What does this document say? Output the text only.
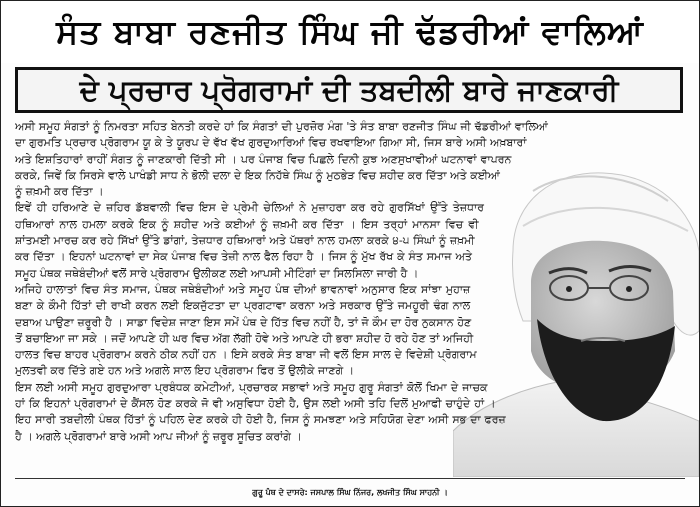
ਸੰਤ ਬਾਬਾ ਰਣਜੀਤ ਸਿੰਘ ਜੀ ਢੱਡਰੀਆਂ ਵਾਲਿਆਂ
ਦੇ ਪ੍ਰਚਾਰ ਪ੍ਰੋਗਰਾਮਾਂ ਦੀ ਤਬਦੀਲੀ ਬਾਰੇ ਜਾਣਕਾਰੀ

ਅਸੀ ਸਮੂਹ ਸੰਗਤਾਂ ਨੂੰ ਨਿਮਰਤਾ ਸਹਿਤ ਬੇਨਤੀ ਕਰਦੇ ਹਾਂ ਕਿ ਸੰਗਤਾਂ ਦੀ ਪੁਰਜ਼ੋਰ ਮੰਗ 'ਤੇ ਸੰਤ ਬਾਬਾ ਰਣਜੀਤ ਸਿੰਘ ਜੀ ਢੱਡਰੀਆਂ ਵਾਲਿਆਂ ਦਾ ਗੁਰਮਤਿ ਪ੍ਰਚਾਰ ਪ੍ਰੋਗਰਾਮ ਯੂ ਕੇ ਤੇ ਯੂਰਪ ਦੇ ਵੱਖ ਵੱਖ ਗੁਰਦੁਆਰਿਆਂ ਵਿਚ ਰਖਵਾਇਆ ਗਿਆ ਸੀ, ਜਿਸ ਬਾਰੇ ਅਸੀ ਅਖ਼ਬਾਰਾਂ ਅਤੇ ਇਸ਼ਤਿਹਾਰਾਂ ਰਾਹੀਂ ਸੰਗਤ ਨੂੰ ਜਾਣਕਾਰੀ ਦਿੱਤੀ ਸੀ । ਪਰ ਪੰਜਾਬ ਵਿਚ ਪਿਛਲੇ ਦਿਨੀ ਕੁਝ ਅਣਸੁਖਾਵੀਆਂ ਘਟਨਾਵਾਂ ਵਾਪਰਨ ਕਰਕੇ, ਜਿਵੇਂ ਕਿ ਸਿਰਸੇ ਵਾਲੇ ਪਾਖੰਡੀ ਸਾਧ ਨੇ ਭੋਲੀ ਦਲਾ ਦੇ ਇਕ ਨਿਹੱਥੇ ਸਿੰਘ ਨੂੰ ਮੁਠਭੇੜ ਵਿਚ ਸ਼ਹੀਦ ਕਰ ਦਿੱਤਾ ਅਤੇ ਕਈਆਂ ਨੂੰ ਜ਼ਖ਼ਮੀ ਕਰ ਦਿੱਤਾ ।

ਇਵੇਂ ਹੀ ਹਰਿਆਣੇ ਦੇ ਜ਼ਹਿਰ ਡੱਬਵਾਲੀ ਵਿਚ ਇਸ ਦੇ ਪ੍ਰੇਮੀ ਚੇਲਿਆਂ ਨੇ ਮੁਜ਼ਾਹਰਾ ਕਰ ਰਹੇ ਗੁਰਸਿੱਖਾਂ ਉੱਤੇ ਤੇਜ਼ਧਾਰ ਹਥਿਆਰਾਂ ਨਾਲ ਹਮਲਾ ਕਰਕੇ ਇਕ ਨੂੰ ਸ਼ਹੀਦ ਅਤੇ ਕਈਆਂ ਨੂੰ ਜ਼ਖ਼ਮੀ ਕਰ ਦਿੱਤਾ । ਇਸ ਤਰ੍ਹਾਂ ਮਾਨਸਾ ਵਿਚ ਵੀ ਸ਼ਾਂਤਮਈ ਮਾਰਚ ਕਰ ਰਹੇ ਸਿੱਖਾਂ ਉੱਤੇ ਡਾਂਗਾਂ, ਤੇਜ਼ਧਾਰ ਹਥਿਆਰਾਂ ਅਤੇ ਪੱਥਰਾਂ ਨਾਲ ਹਮਲਾ ਕਰਕੇ ੪-੫ ਸਿੰਘਾਂ ਨੂੰ ਜ਼ਖ਼ਮੀ ਕਰ ਦਿੱਤਾ । ਇਹਨਾਂ ਘਟਨਾਵਾਂ ਦਾ ਸੇਕ ਪੰਜਾਬ ਵਿਚ ਤੇਜ਼ੀ ਨਾਲ ਫੈਲ ਰਿਹਾ ਹੈ । ਜਿਸ ਨੂੰ ਮੁੱਖ ਰੱਖ ਕੇ ਸੰਤ ਸਮਾਜ ਅਤੇ ਸਮੂਹ ਪੰਥਕ ਜਥੇਬੰਦੀਆਂ ਵਲੋਂ ਸਾਰੇ ਪ੍ਰੋਗਰਾਮ ਉਲੀਕਣ ਲਈ ਆਪਸੀ ਮੀਟਿੰਗਾਂ ਦਾ ਸਿਲਸਿਲਾ ਜਾਰੀ ਹੈ ।

ਅਜਿਹੇ ਹਾਲਾਤਾਂ ਵਿਚ ਸੰਤ ਸਮਾਜ, ਪੰਥਕ ਜਥੇਬੰਦੀਆਂ ਅਤੇ ਸਮੂਹ ਪੰਥ ਦੀਆਂ ਭਾਵਨਾਵਾਂ ਅਨੁਸਾਰ ਇਕ ਸਾਂਝਾ ਮੁਹਾਜ਼ ਬਣਾ ਕੇ ਕੌਮੀ ਹਿੱਤਾਂ ਦੀ ਰਾਖੀ ਕਰਨ ਲਈ ਇਕਜੁੱਟਤਾ ਦਾ ਪ੍ਰਗਟਾਵਾ ਕਰਨਾ ਅਤੇ ਸਰਕਾਰ ਉੱਤੇ ਜਮਹੂਰੀ ਢੰਗ ਨਾਲ ਦਬਾਅ ਪਾਉਣਾ ਜ਼ਰੂਰੀ ਹੈ । ਸਾਡਾ ਵਿਦੇਸ਼ ਜਾਣਾ ਇਸ ਸਮੇਂ ਪੰਥ ਦੇ ਹਿੱਤ ਵਿਚ ਨਹੀਂ ਹੈ, ਤਾਂ ਜੋ ਕੌਮ ਦਾ ਹੋਰ ਨੁਕਸਾਨ ਹੋਣ ਤੋਂ ਬਚਾਇਆ ਜਾ ਸਕੇ । ਜਦੋਂ ਆਪਣੇ ਹੀ ਘਰ ਵਿਚ ਅੱਗ ਲੱਗੀ ਹੋਵੇ ਅਤੇ ਆਪਣੇ ਹੀ ਭਰਾ ਸ਼ਹੀਦ ਹੋ ਰਹੇ ਹੋਣ ਤਾਂ ਅਜਿਹੀ ਹਾਲਤ ਵਿਚ ਬਾਹਰ ਪ੍ਰੋਗਰਾਮ ਕਰਨੇ ਠੀਕ ਨਹੀਂ ਹਨ । ਇਸੇ ਕਰਕੇ ਸੰਤ ਬਾਬਾ ਜੀ ਵਲੋਂ ਇਸ ਸਾਲ ਦੇ ਵਿਦੇਸ਼ੀ ਪ੍ਰੋਗਰਾਮ ਮੁਲਤਵੀ ਕਰ ਦਿੱਤੇ ਗਏ ਹਨ ਅਤੇ ਅਗਲੇ ਸਾਲ ਇਹ ਪ੍ਰੋਗਰਾਮ ਫਿਰ ਤੋਂ ਉਲੀਕੇ ਜਾਣਗੇ ।

ਇਸ ਲਈ ਅਸੀ ਸਮੂਹ ਗੁਰਦੁਆਰਾ ਪ੍ਰਬੰਧਕ ਕਮੇਟੀਆਂ, ਪ੍ਰਚਾਰਕ ਸਭਾਵਾਂ ਅਤੇ ਸਮੂਹ ਗੁਰੂ ਸੰਗਤਾਂ ਕੋਲੋਂ ਖਿਮਾ ਦੇ ਜਾਚਕ ਹਾਂ ਕਿ ਇਹਨਾਂ ਪ੍ਰੋਗਰਾਮਾਂ ਦੇ ਕੈਂਸਲ ਹੋਣ ਕਰਕੇ ਜੋ ਵੀ ਅਸੁਵਿਧਾ ਹੋਈ ਹੈ, ਉਸ ਲਈ ਅਸੀ ਤਹਿ ਦਿਲੋਂ ਮੁਆਫੀ ਚਾਹੁੰਦੇ ਹਾਂ । ਇਹ ਸਾਰੀ ਤਬਦੀਲੀ ਪੰਥਕ ਹਿੱਤਾਂ ਨੂੰ ਪਹਿਲ ਦੇਣ ਕਰਕੇ ਹੀ ਹੋਈ ਹੈ, ਜਿਸ ਨੂੰ ਸਮਝਣਾ ਅਤੇ ਸਹਿਯੋਗ ਦੇਣਾ ਅਸੀ ਸਭ ਦਾ ਫਰਜ਼ ਹੈ । ਅਗਲੇ ਪ੍ਰੋਗਰਾਮਾਂ ਬਾਰੇ ਅਸੀ ਆਪ ਜੀਆਂ ਨੂੰ ਜ਼ਰੂਰ ਸੂਚਿਤ ਕਰਾਂਗੇ ।

ਗੁਰੂ ਪੰਥ ਦੇ ਦਾਸਰੇ: ਜਸਪਾਲ ਸਿੰਘ ਨਿੱਜਰ, ਲਖਜੀਤ ਸਿੰਘ ਸਾਹਨੀ ।
